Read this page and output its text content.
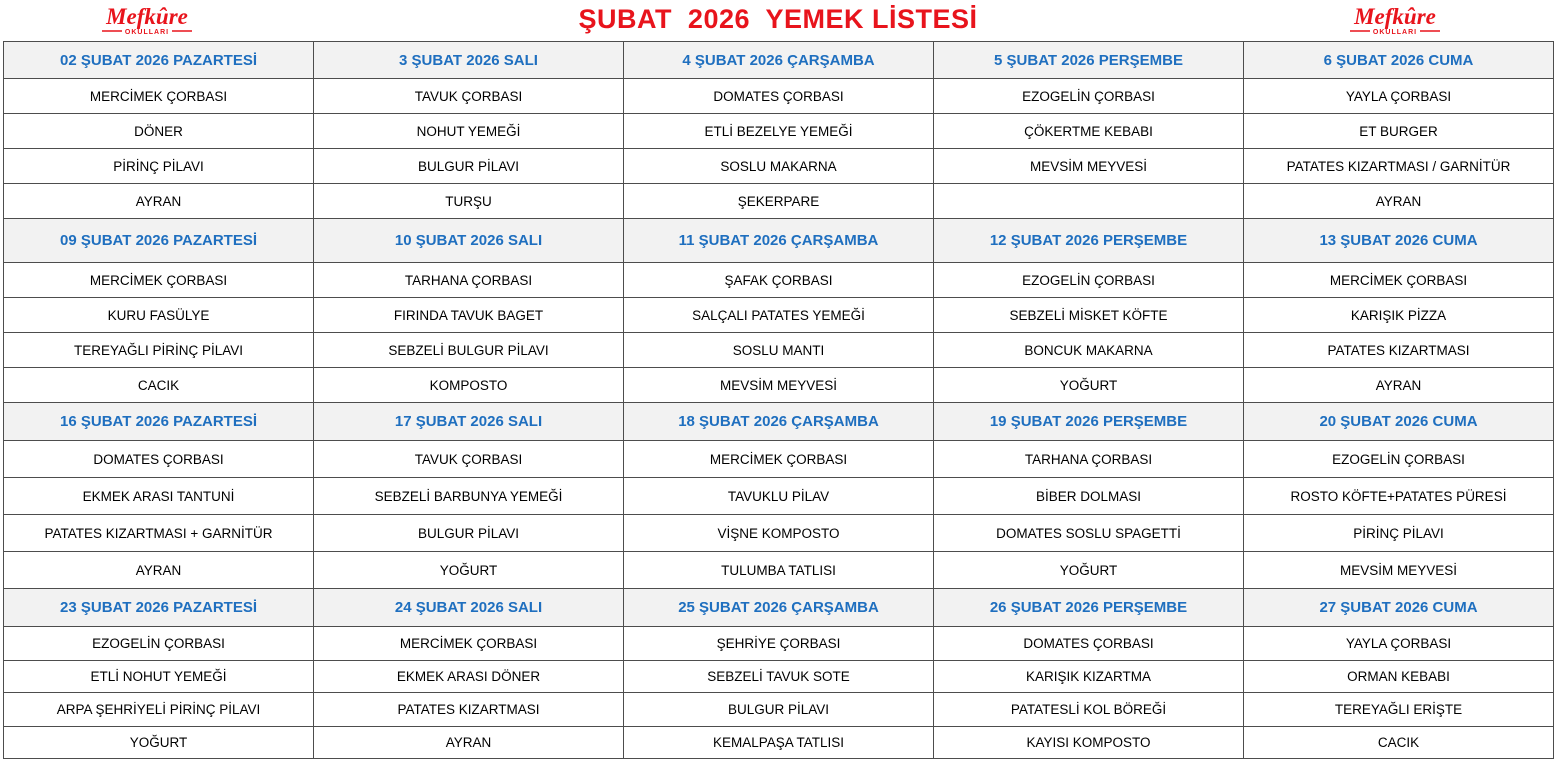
Mefkûre
OKULLARI	ŞUBAT  2026  YEMEK LİSTESİ	Mefkûre
OKULLARI
02 ŞUBAT 2026 PAZARTESİ	3 ŞUBAT 2026 SALI	4 ŞUBAT 2026 ÇARŞAMBA	5 ŞUBAT 2026 PERŞEMBE	6 ŞUBAT 2026 CUMA
MERCİMEK ÇORBASI	TAVUK ÇORBASI	DOMATES ÇORBASI	EZOGELİN ÇORBASI	YAYLA ÇORBASI
DÖNER	NOHUT YEMEĞİ	ETLİ BEZELYE YEMEĞİ	ÇÖKERTME KEBABI	ET BURGER
PİRİNÇ PİLAVI	BULGUR PİLAVI	SOSLU MAKARNA	MEVSİM MEYVESİ	PATATES KIZARTMASI / GARNİTÜR
AYRAN	TURŞU	ŞEKERPARE		AYRAN
09 ŞUBAT 2026 PAZARTESİ	10 ŞUBAT 2026 SALI	11 ŞUBAT 2026 ÇARŞAMBA	12 ŞUBAT 2026 PERŞEMBE	13 ŞUBAT 2026 CUMA
MERCİMEK ÇORBASI	TARHANA ÇORBASI	ŞAFAK ÇORBASI	EZOGELİN ÇORBASI	MERCİMEK ÇORBASI
KURU FASÜLYE	FIRINDA TAVUK BAGET	SALÇALI PATATES YEMEĞİ	SEBZELİ MİSKET KÖFTE	KARIŞIK PİZZA
TEREYAĞLI PİRİNÇ PİLAVI	SEBZELİ BULGUR PİLAVI	SOSLU MANTI	BONCUK MAKARNA	PATATES KIZARTMASI
CACIK	KOMPOSTO	MEVSİM MEYVESİ	YOĞURT	AYRAN
16 ŞUBAT 2026 PAZARTESİ	17 ŞUBAT 2026 SALI	18 ŞUBAT 2026 ÇARŞAMBA	19 ŞUBAT 2026 PERŞEMBE	20 ŞUBAT 2026 CUMA
DOMATES ÇORBASI	TAVUK ÇORBASI	MERCİMEK ÇORBASI	TARHANA ÇORBASI	EZOGELİN ÇORBASI
EKMEK ARASI TANTUNİ	SEBZELİ BARBUNYA YEMEĞİ	TAVUKLU PİLAV	BİBER DOLMASI	ROSTO KÖFTE+PATATES PÜRESİ
PATATES KIZARTMASI + GARNİTÜR	BULGUR PİLAVI	VİŞNE KOMPOSTO	DOMATES SOSLU SPAGETTİ	PİRİNÇ PİLAVI
AYRAN	YOĞURT	TULUMBA TATLISI	YOĞURT	MEVSİM MEYVESİ
23 ŞUBAT 2026 PAZARTESİ	24 ŞUBAT 2026 SALI	25 ŞUBAT 2026 ÇARŞAMBA	26 ŞUBAT 2026 PERŞEMBE	27 ŞUBAT 2026 CUMA
EZOGELİN ÇORBASI	MERCİMEK ÇORBASI	ŞEHRİYE ÇORBASI	DOMATES ÇORBASI	YAYLA ÇORBASI
ETLİ NOHUT YEMEĞİ	EKMEK ARASI DÖNER	SEBZELİ TAVUK SOTE	KARIŞIK KIZARTMA	ORMAN KEBABI
ARPA ŞEHRİYELİ PİRİNÇ PİLAVI	PATATES KIZARTMASI	BULGUR PİLAVI	PATATESLİ KOL BÖREĞİ	TEREYAĞLI ERİŞTE
YOĞURT	AYRAN	KEMALPAŞA TATLISI	KAYISI KOMPOSTO	CACIK
